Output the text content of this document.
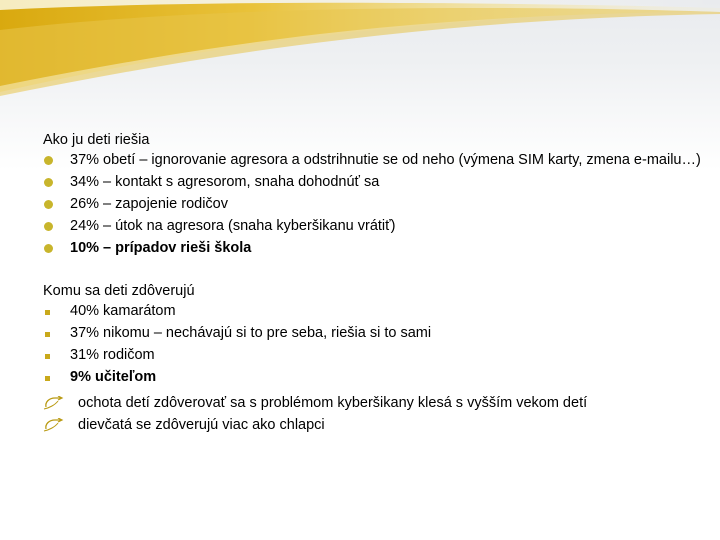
Ako ju deti riešia

37% obetí – ignorovanie agresora a odstrihnutie se od neho (výmena SIM karty, zmena e-mailu…)
34% – kontakt s agresorom, snaha dohodnúť sa
26% – zapojenie rodičov
24% – útok na agresora (snaha kyberšikanu vrátiť)
10% – prípadov rieši škola

Komu sa deti zdôverujú

40% kamarátom
37% nikomu – nechávajú si to pre seba, riešia si to sami
31% rodičom
9% učiteľom
ochota detí zdôverovať sa s problémom kyberšikany klesá s vyšším vekom detí
dievčatá se zdôverujú viac ako chlapci
